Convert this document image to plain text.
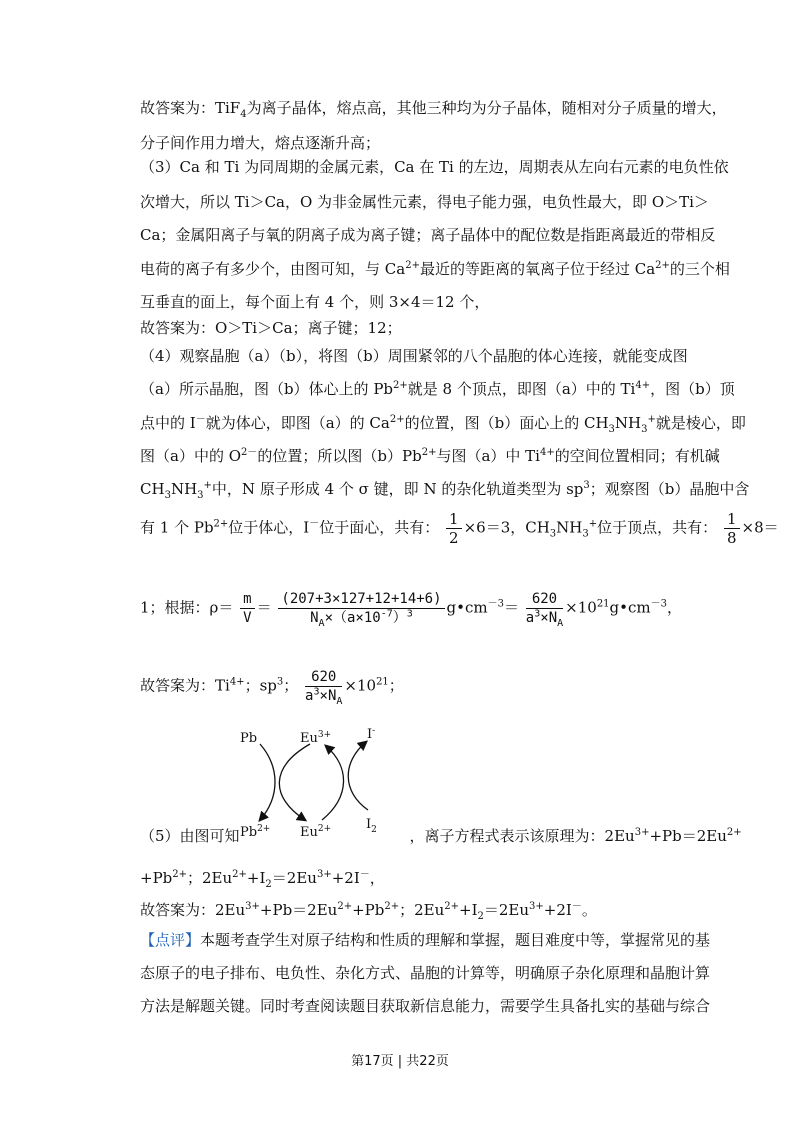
故答案为：TiF$_4$为离子晶体，熔点高，其他三种均为分子晶体，随相对分子质量的增大，
分子间作用力增大，熔点逐渐升高；
（3）Ca 和 Ti 为同周期的金属元素，Ca 在 Ti 的左边，周期表从左向右元素的电负性依
次增大，所以 Ti＞Ca，O 为非金属性元素，得电子能力强，电负性最大，即 O＞Ti＞
Ca；金属阳离子与氧的阴离子成为离子键；离子晶体中的配位数是指距离最近的带相反
电荷的离子有多少个，由图可知，与 $Ca^{2+}$最近的等距离的氧离子位于经过 $Ca^{2+}$的三个相
互垂直的面上，每个面上有 4 个，则 3×4＝12 个，
故答案为：O＞Ti＞Ca；离子键；12；
（4）观察晶胞（a）（b），将图（b）周围紧邻的八个晶胞的体心连接，就能变成图
（a）所示晶胞，图（b）体心上的 $Pb^{2+}$就是 8 个顶点，即图（a）中的 $Ti^{4+}$，图（b）顶
点中的 I－就为体心，即图（a）的 $Ca^{2+}$的位置，图（b）面心上的 $CH_3NH_3^+$就是棱心，即
图（a）中的 $O^{2-}$的位置；所以图$(b)Pb^{2+}$与图（a）中 $Ti^{4+}$的空间位置相同；有机碱
$CH_3NH_3^+$中，N 原子形成 4 个 σ 键，即 N 的杂化轨道类型为 $sp^3$；观察图（b）晶胞中含
有 1 个 $Pb^{2+}$位于体心，I－位于面心，共有： $\frac{1}{2} \times 6=3$，$CH_3NH_3^+$位于顶点，共有： $\frac{1}{8} \times 8=$
1；根据：$\rho= \frac{m}{V} = \frac{(207+3\times 127+12+14+6)}{N_A\times(a\times 10^{-7})^3}$ $g•cm^{-3}= \frac{620}{a^3\times N_A}$ $\times 10^{21}g•cm^{-3}$，
故答案为：$Ti^{4+}$；$sp^3$； $\frac{620}{a^3\times N_A} \times 10^{21}$；
Pb	$Eu^{3+}$	I-
$Pb^{2+}$ $Eu^{2+}$	$I_2$
（5）由图可知	，离子方程式表示该原理为：$2Eu^{3+}+Pb=2Eu^{2+}$
$+Pb^{2+}$；$2Eu^{2+}+I_2=2Eu^{3+}+2I^-$，
故答案为：$2Eu^{3+}+Pb=2Eu^{2+}+Pb^{2+}$；$2Eu^{2+}+I_2=2Eu^{3+}+2I^-$。
【点评】本题考查学生对原子结构和性质的理解和掌握，题目难度中等，掌握常见的基
态原子的电子排布、电负性、杂化方式、晶胞的计算等，明确原子杂化原理和晶胞计算
方法是解题关键。同时考查阅读题目获取新信息能力，需要学生具备扎实的基础与综合
第17页 | 共22页
